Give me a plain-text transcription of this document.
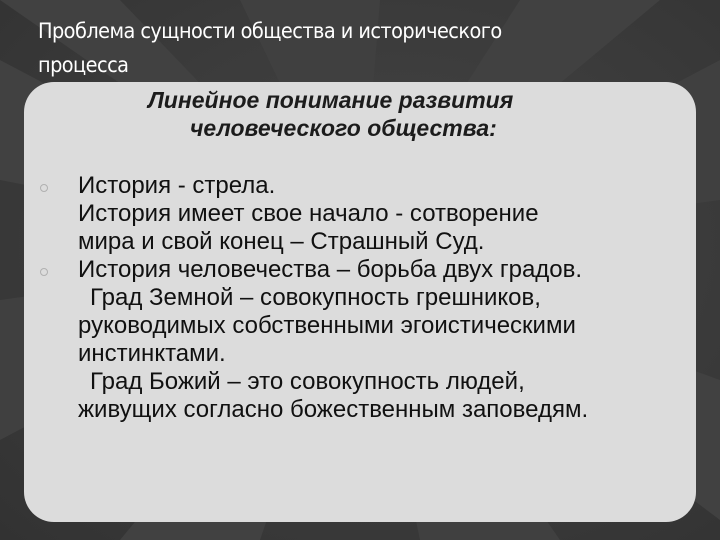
Проблема сущности общества и исторического
процесса
Линейное понимание развития
человеческого общества:
История - стрела.
История имеет свое начало - сотворение
мира и свой конец – Страшный Суд.
История человечества – борьба двух градов.
Град Земной – совокупность грешников,
руководимых собственными эгоистическими
инстинктами.
Град Божий – это совокупность людей,
живущих согласно божественным заповедям.
